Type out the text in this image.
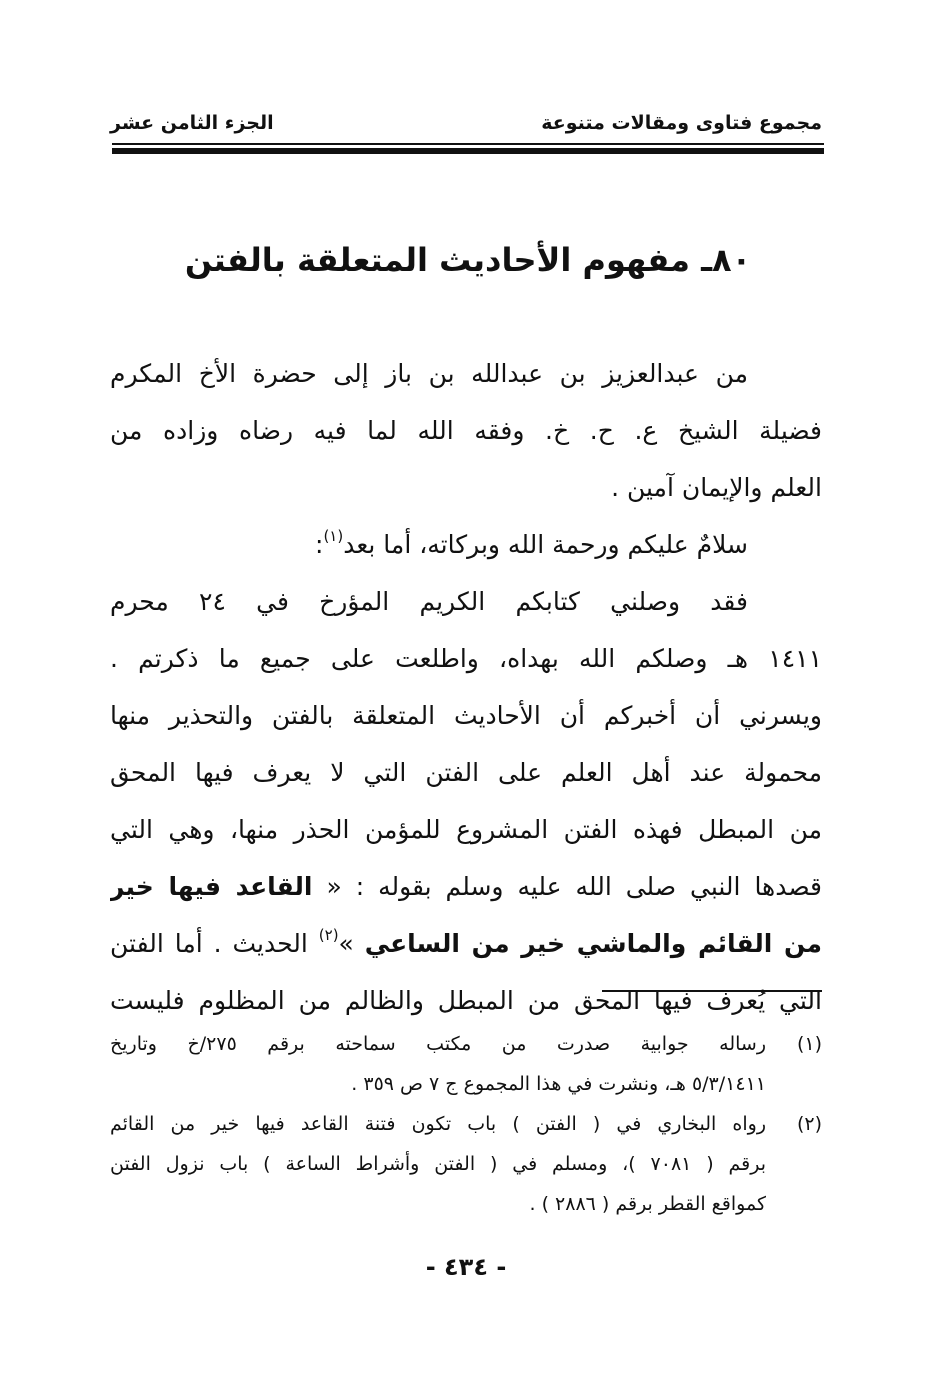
مجموع فتاوى ومقالات متنوعة
الجزء الثامن عشر
٨٠ـ مفهوم الأحاديث المتعلقة بالفتن
من عبدالعزيز بن عبدالله بن باز إلى حضرة الأخ المكرم
فضيلة الشيخ ع. ح. خ. وفقه الله لما فيه رضاه وزاده من
العلم والإيمان آمين .
سلامٌ عليكم ورحمة الله وبركاته، أما بعد$^{(١)}$:
فقد وصلني كتابكم الكريم المؤرخ في ٢٤ محرم
١٤١١ هـ وصلكم الله بهداه، واطلعت على جميع ما ذكرتم .
ويسرني أن أخبركم أن الأحاديث المتعلقة بالفتن والتحذير منها
محمولة عند أهل العلم على الفتن التي لا يعرف فيها المحق
من المبطل فهذه الفتن المشروع للمؤمن الحذر منها، وهي التي
قصدها النبي صلى الله عليه وسلم بقوله : « القاعد فيها خير
من القائم والماشي خير من الساعي »$^{(٢)}$ الحديث . أما الفتن
التي يُعرف فيها المحق من المبطل والظالم من المظلوم فليست
(١)
رساله جوابية صدرت من مكتب سماحته برقم ٢٧٥/خ وتاريخ
٥/٣/١٤١١ هـ، ونشرت في هذا المجموع ج ٧ ص ٣٥٩ .
(٢)
رواه البخاري في ( الفتن ) باب تكون فتنة القاعد فيها خير من القائم
برقم ( ٧٠٨١ )، ومسلم في ( الفتن وأشراط الساعة ) باب نزول الفتن
كمواقع القطر برقم ( ٢٨٨٦ ) .
- ٤٣٤ -
